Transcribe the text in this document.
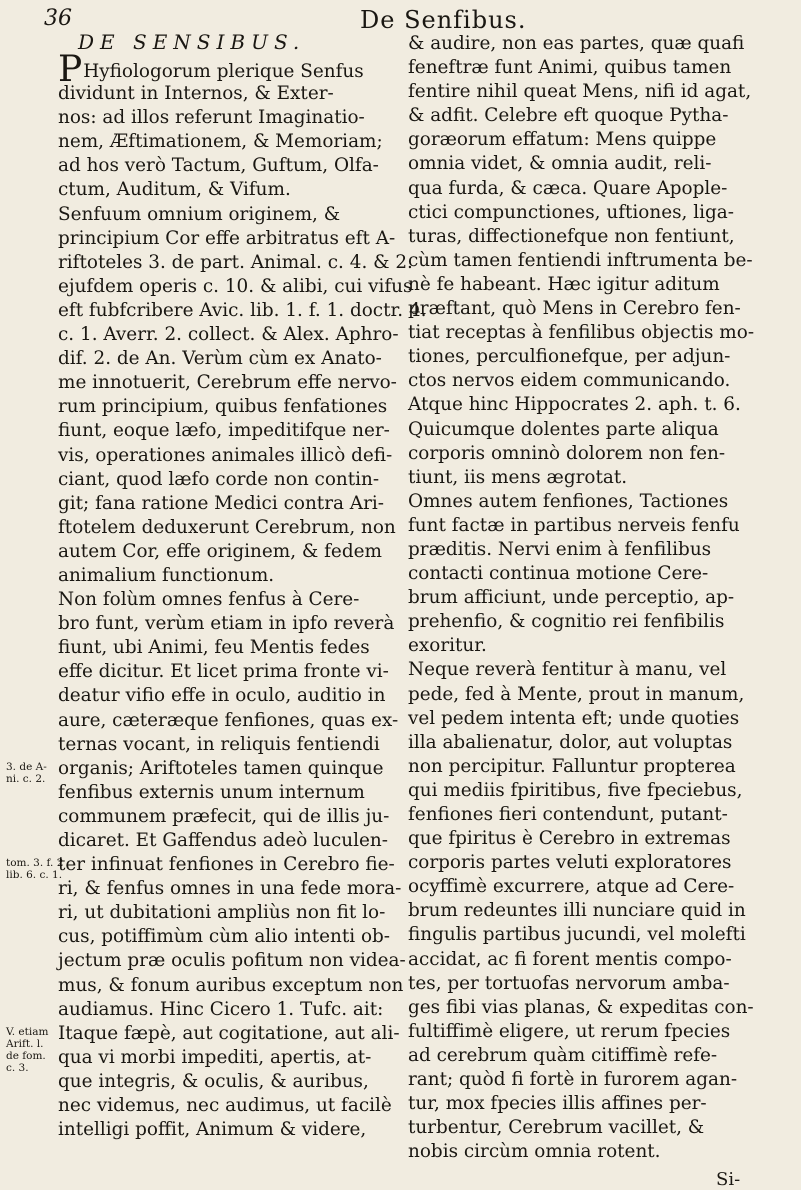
36	De Senfibus.
DE SENSIBUS.
PHyfiologorum plerique Senfus
dividunt in Internos, & Exter-
nos: ad illos referunt Imaginatio-
nem, Æftimationem, & Memoriam;
ad hos verò Tactum, Guftum, Olfa-
ctum, Auditum, & Vifum.
Senfuum omnium originem, &
principium Cor effe arbitratus eft A-
riftoteles 3. de part. Animal. c. 4. & 2.
ejufdem operis c. 10. & alibi, cui vifus
eft fubfcribere Avic. lib. 1. f. 1. doctr. 4.
c. 1. Averr. 2. collect. & Alex. Aphro-
dif. 2. de An. Verùm cùm ex Anato-
me innotuerit, Cerebrum effe nervo-
rum principium, quibus fenfationes
fiunt, eoque læfo, impeditifque ner-
vis, operationes animales illicò defi-
ciant, quod læfo corde non contin-
git; fana ratione Medici contra Ari-
ftotelem deduxerunt Cerebrum, non
autem Cor, effe originem, & fedem
animalium functionum.
Non folùm omnes fenfus à Cere-
bro funt, verùm etiam in ipfo reverà
fiunt, ubi Animi, feu Mentis fedes
effe dicitur. Et licet prima fronte vi-
deatur vifio effe in oculo, auditio in
aure, cæteræque fenfiones, quas ex-
ternas vocant, in reliquis fentiendi
organis; Ariftoteles tamen quinque
fenfibus externis unum internum
communem præfecit, qui de illis ju-
dicaret. Et Gaffendus adeò luculen-
ter infinuat fenfiones in Cerebro fie-
ri, & fenfus omnes in una fede mora-
ri, ut dubitationi ampliùs non fit lo-
cus, potiffimùm cùm alio intenti ob-
jectum præ oculis pofitum non videa-
mus, & fonum auribus exceptum non
audiamus. Hinc Cicero 1. Tufc. ait:
Itaque fæpè, aut cogitatione, aut ali-
qua vi morbi impediti, apertis, at-
que integris, & oculis, & auribus,
nec videmus, nec audimus, ut facilè
intelligi poffit, Animum & videre,
& audire, non eas partes, quæ quafi
feneftræ funt Animi, quibus tamen
fentire nihil queat Mens, nifi id agat,
& adfit. Celebre eft quoque Pytha-
goræorum effatum: Mens quippe
omnia videt, & omnia audit, reli-
qua furda, & cæca. Quare Apople-
ctici compunctiones, uftiones, liga-
turas, diffectionefque non fentiunt,
cùm tamen fentiendi inftrumenta be-
nè fe habeant. Hæc igitur aditum
præftant, quò Mens in Cerebro fen-
tiat receptas à fenfilibus objectis mo-
tiones, perculfionefque, per adjun-
ctos nervos eidem communicando.
Atque hinc Hippocrates 2. aph. t. 6.
Quicumque dolentes parte aliqua
corporis omninò dolorem non fen-
tiunt, iis mens ægrotat.
Omnes autem fenfiones, Tactiones
funt factæ in partibus nerveis fenfu
præditis. Nervi enim à fenfilibus
contacti continua motione Cere-
brum afficiunt, unde perceptio, ap-
prehenfio, & cognitio rei fenfibilis
exoritur.
Neque reverà fentitur à manu, vel
pede, fed à Mente, prout in manum,
vel pedem intenta eft; unde quoties
illa abalienatur, dolor, aut voluptas
non percipitur. Falluntur propterea
qui mediis fpiritibus, five fpeciebus,
fenfiones fieri contendunt, putant-
que fpiritus è Cerebro in extremas
corporis partes veluti exploratores
ocyffimè excurrere, atque ad Cere-
brum redeuntes illi nunciare quid in
fingulis partibus jucundi, vel molefti
accidat, ac fi forent mentis compo-
tes, per tortuofas nervorum amba-
ges fibi vias planas, & expeditas con-
fultiffimè eligere, ut rerum fpecies
ad cerebrum quàm citiffimè refe-
rant; quòd fi fortè in furorem agan-
tur, mox fpecies illis affines per-
turbentur, Cerebrum vacillet, &
nobis circùm omnia rotent.
3. de A-
ni. c. 2.
tom. 3. f. 2
lib. 6. c. 1.
V. etiam
Arift. l.
de fom.
c. 3.
Si-
